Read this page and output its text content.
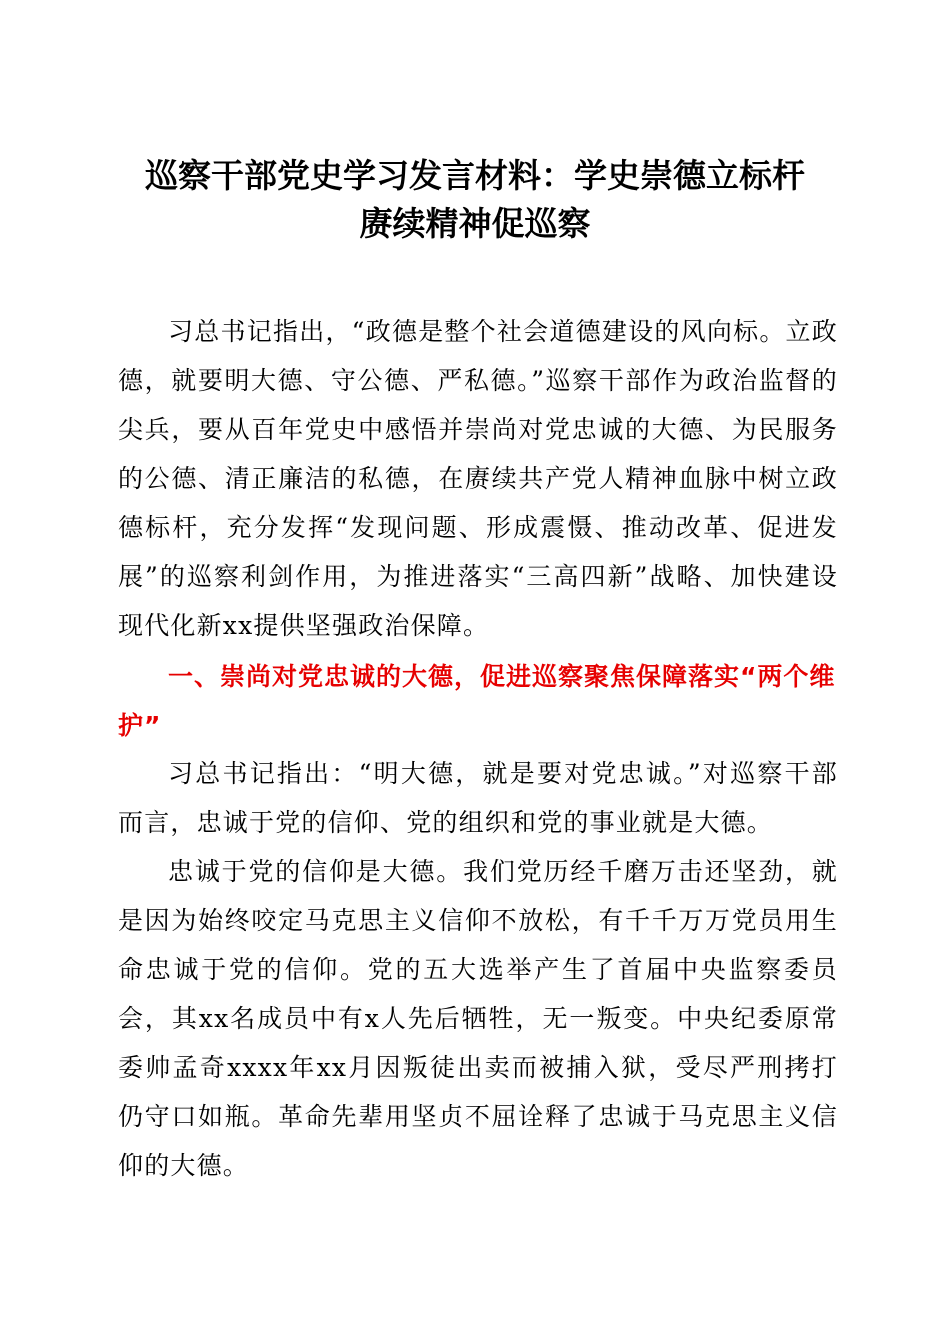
巡察干部党史学习发言材料：学史崇德立标杆
赓续精神促巡察

习总书记指出，“政德是整个社会道德建设的风向标。立政德，就要明大德、守公德、严私德。”巡察干部作为政治监督的尖兵，要从百年党史中感悟并崇尚对党忠诚的大德、为民服务的公德、清正廉洁的私德，在赓续共产党人精神血脉中树立政德标杆，充分发挥“发现问题、形成震慑、推动改革、促进发展”的巡察利剑作用，为推进落实“三高四新”战略、加快建设现代化新xx提供坚强政治保障。

一、崇尚对党忠诚的大德，促进巡察聚焦保障落实“两个维护”

习总书记指出：“明大德，就是要对党忠诚。”对巡察干部而言，忠诚于党的信仰、党的组织和党的事业就是大德。

忠诚于党的信仰是大德。我们党历经千磨万击还坚劲，就是因为始终咬定马克思主义信仰不放松，有千千万万党员用生命忠诚于党的信仰。党的五大选举产生了首届中央监察委员会，其xx名成员中有x人先后牺牲，无一叛变。中央纪委原常委帅孟奇xxxx年xx月因叛徒出卖而被捕入狱，受尽严刑拷打仍守口如瓶。革命先辈用坚贞不屈诠释了忠诚于马克思主义信仰的大德。
